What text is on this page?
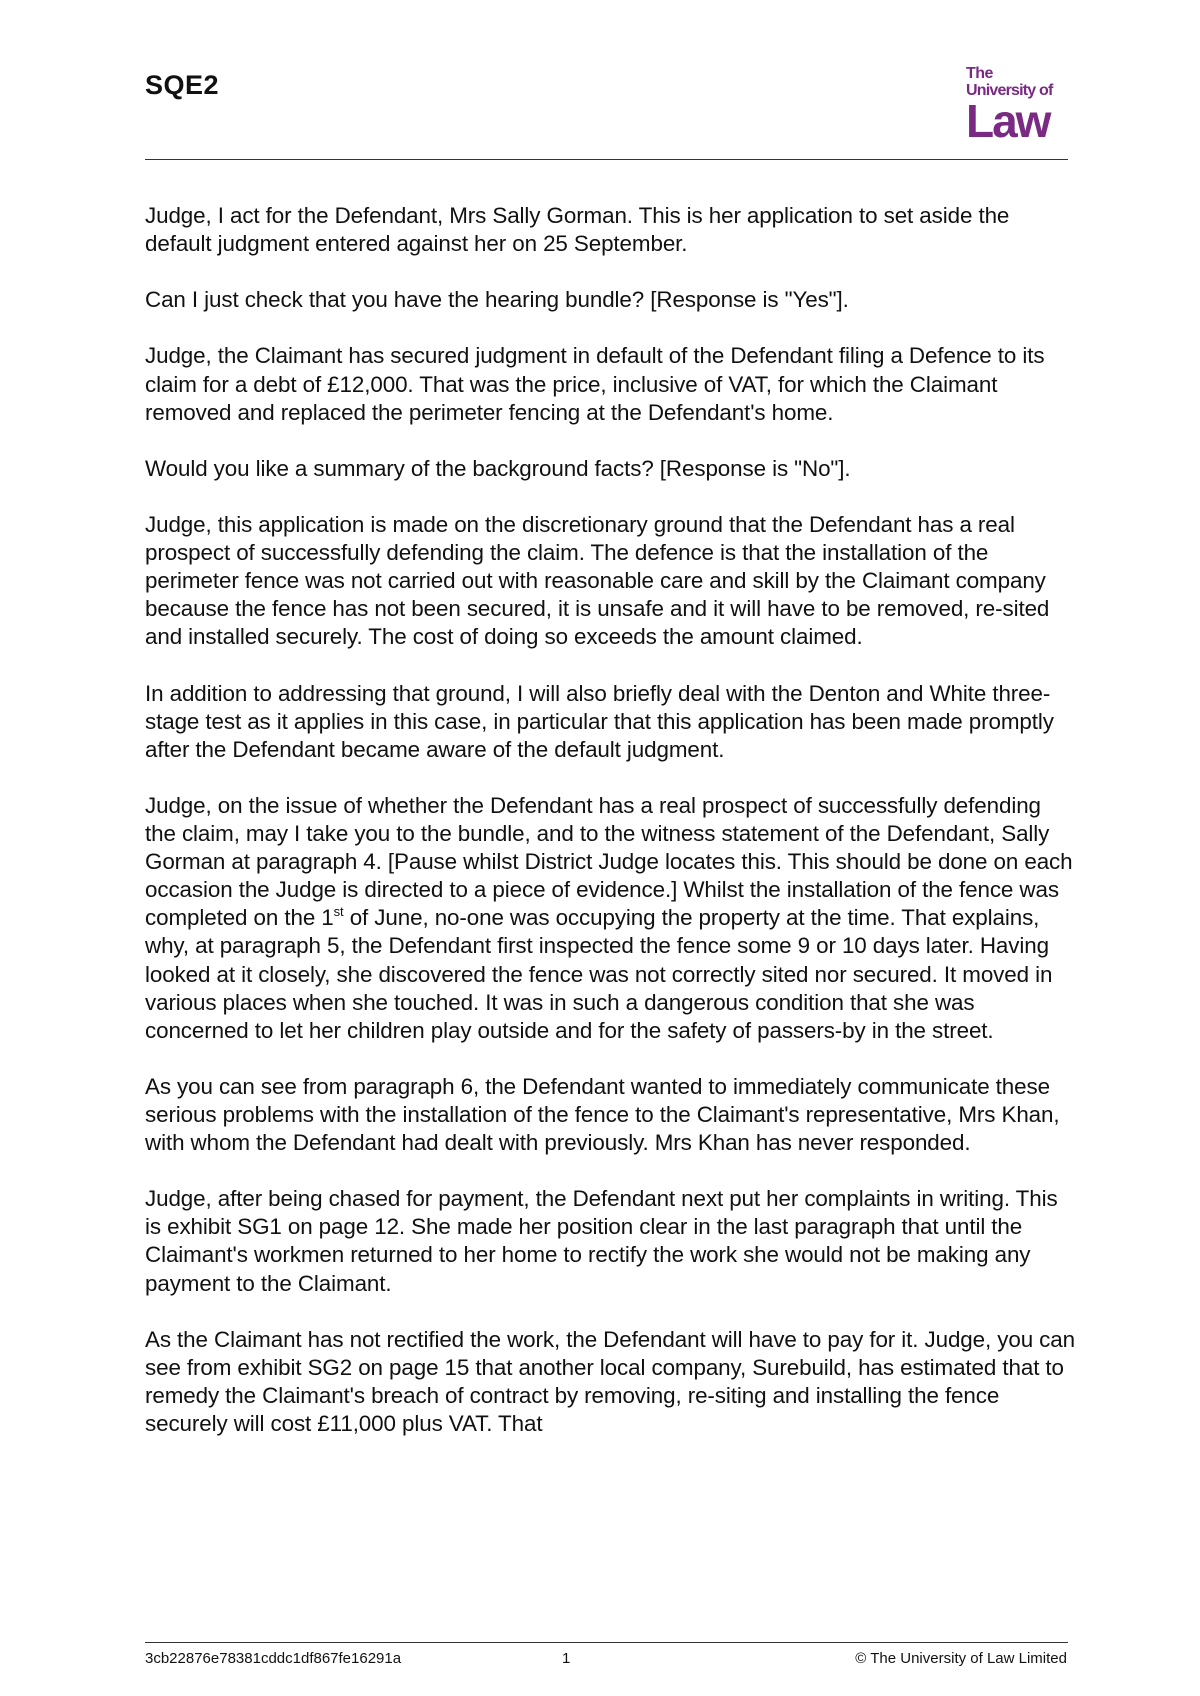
SQE2	The
University of
Law

Judge, I act for the Defendant, Mrs Sally Gorman. This is her application to set aside the default judgment entered against her on 25 September.

Can I just check that you have the hearing bundle? [Response is "Yes"].

Judge, the Claimant has secured judgment in default of the Defendant filing a Defence to its claim for a debt of £12,000. That was the price, inclusive of VAT, for which the Claimant removed and replaced the perimeter fencing at the Defendant's home.

Would you like a summary of the background facts? [Response is "No"].

Judge, this application is made on the discretionary ground that the Defendant has a real prospect of successfully defending the claim. The defence is that the installation of the perimeter fence was not carried out with reasonable care and skill by the Claimant company because the fence has not been secured, it is unsafe and it will have to be removed, re-sited and installed securely. The cost of doing so exceeds the amount claimed.

In addition to addressing that ground, I will also briefly deal with the Denton and White three-stage test as it applies in this case, in particular that this application has been made promptly after the Defendant became aware of the default judgment.

Judge, on the issue of whether the Defendant has a real prospect of successfully defending the claim, may I take you to the bundle, and to the witness statement of the Defendant, Sally Gorman at paragraph 4. [Pause whilst District Judge locates this. This should be done on each occasion the Judge is directed to a piece of evidence.] Whilst the installation of the fence was completed on the 1st of June, no-one was occupying the property at the time. That explains, why, at paragraph 5, the Defendant first inspected the fence some 9 or 10 days later. Having looked at it closely, she discovered the fence was not correctly sited nor secured. It moved in various places when she touched. It was in such a dangerous condition that she was concerned to let her children play outside and for the safety of passers-by in the street.

As you can see from paragraph 6, the Defendant wanted to immediately communicate these serious problems with the installation of the fence to the Claimant's representative, Mrs Khan, with whom the Defendant had dealt with previously. Mrs Khan has never responded.

Judge, after being chased for payment, the Defendant next put her complaints in writing. This is exhibit SG1 on page 12. She made her position clear in the last paragraph that until the Claimant's workmen returned to her home to rectify the work she would not be making any payment to the Claimant.

As the Claimant has not rectified the work, the Defendant will have to pay for it. Judge, you can see from exhibit SG2 on page 15 that another local company, Surebuild, has estimated that to remedy the Claimant's breach of contract by removing, re-siting and installing the fence securely will cost £11,000 plus VAT. That

3cb22876e78381cddc1df867fe16291a	1	© The University of Law Limited
